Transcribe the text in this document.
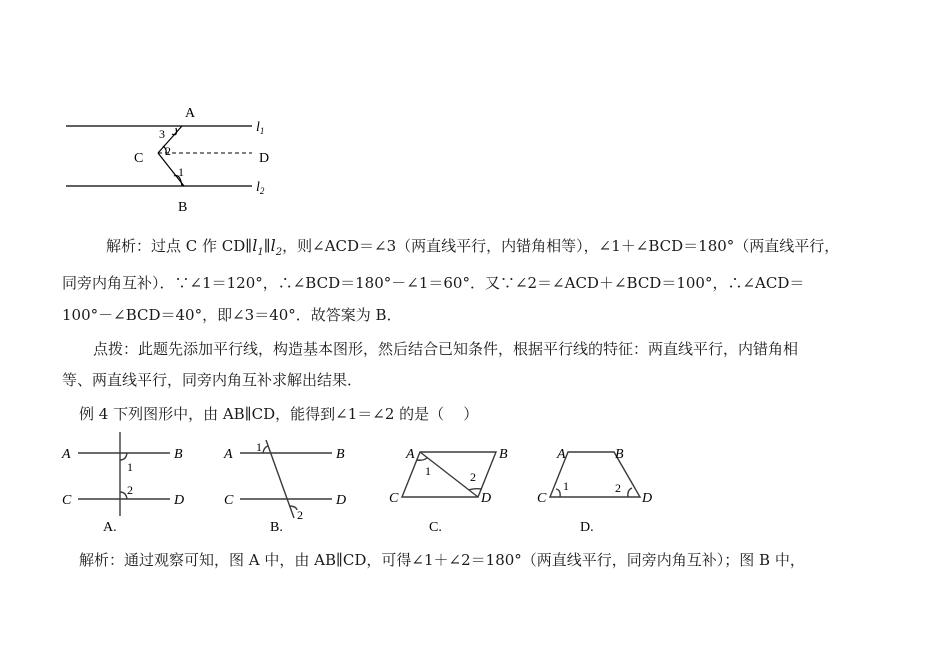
A
C	D
B
3
2
1
$l_1$
$l_2$
解析：过点 C 作 $CD\parallel l_1\parallel l_2$，则∠ACD＝∠3（两直线平行，内错角相等），∠1＋∠BCD＝180°（两直线平行，
同旁内角互补）．∵∠1＝120°，∴∠BCD＝180°－∠1＝60°．又∵∠2＝∠ACD＋∠BCD＝100°，∴∠ACD＝
100°－∠BCD＝40°，即∠3＝40°．故答案为 B．
点拨：此题先添加平行线，构造基本图形，然后结合已知条件，根据平行线的特征：两直线平行，内错角相
等、两直线平行，同旁内角互补求解出结果．
例 4 下列图形中，由 AB∥CD，能得到∠1＝∠2 的是（    ）
A	B
C	D
1
2
A.
A	B
C	D
1
2
B.
A	B
C	D
1	2
C.
A	B
C	D
1	2
D.
解析：通过观察可知，图 A 中，由 AB∥CD，可得∠1＋∠2＝180°（两直线平行，同旁内角互补）；图 B 中，
